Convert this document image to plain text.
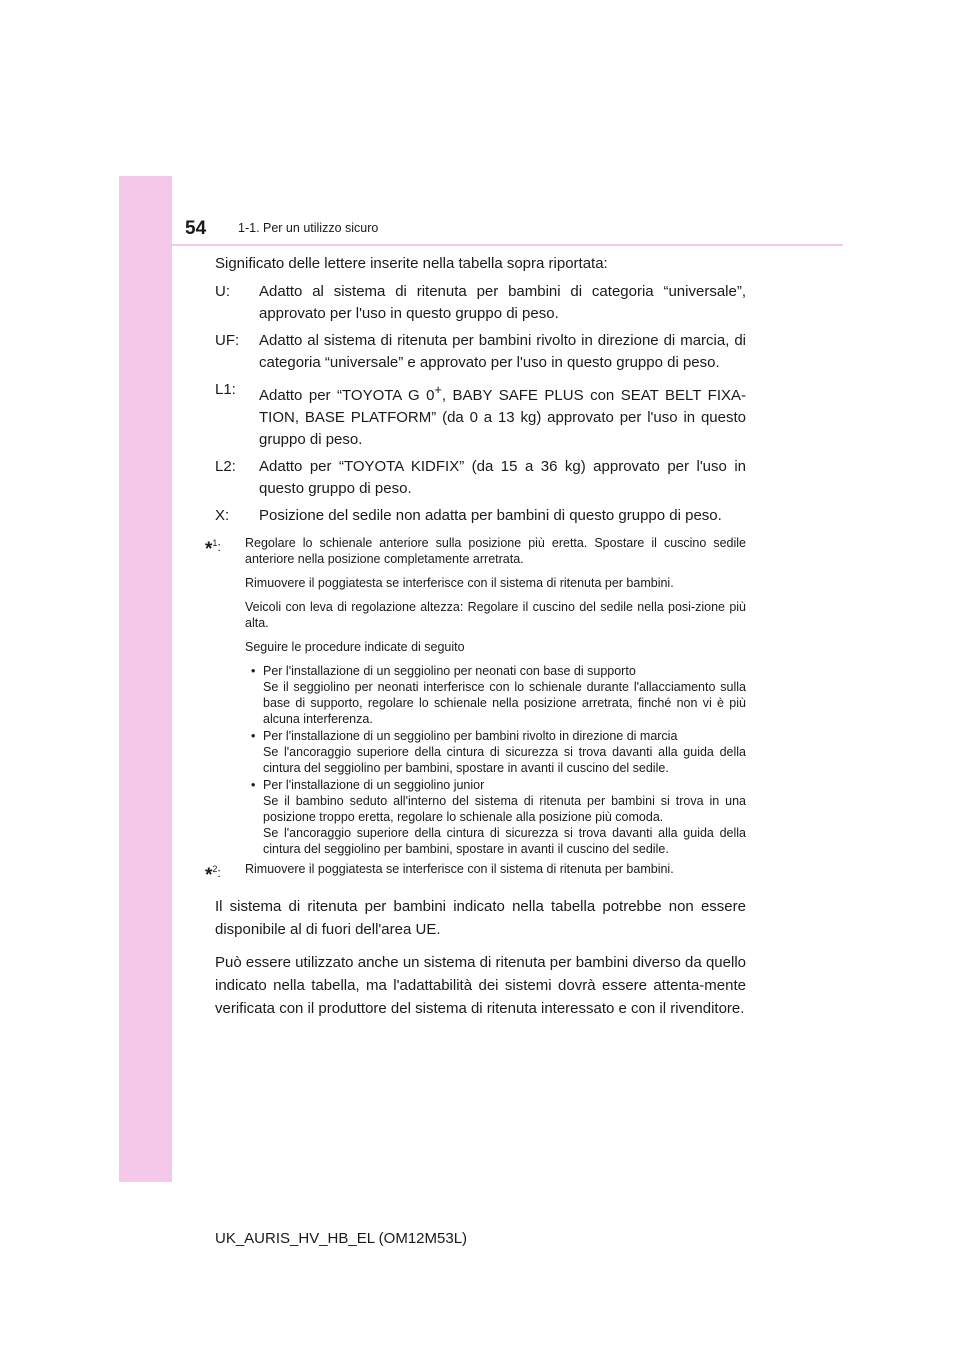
54	1-1. Per un utilizzo sicuro

Significato delle lettere inserite nella tabella sopra riportata:

U:	Adatto al sistema di ritenuta per bambini di categoria “universale”, approvato per l'uso in questo gruppo di peso.
UF:	Adatto al sistema di ritenuta per bambini rivolto in direzione di marcia, di categoria “universale” e approvato per l'uso in questo gruppo di peso.
L1:	Adatto per “TOYOTA G 0+, BABY SAFE PLUS con SEAT BELT FIXA-TION, BASE PLATFORM” (da 0 a 13 kg) approvato per l'uso in questo gruppo di peso.
L2:	Adatto per “TOYOTA KIDFIX” (da 15 a 36 kg) approvato per l'uso in questo gruppo di peso.
X:	Posizione del sedile non adatta per bambini di questo gruppo di peso.
*$^1$:	Regolare lo schienale anteriore sulla posizione più eretta. Spostare il cuscino sedile anteriore nella posizione completamente arretrata.

Rimuovere il poggiatesta se interferisce con il sistema di ritenuta per bambini.

Veicoli con leva di regolazione altezza: Regolare il cuscino del sedile nella posi-zione più alta.

Seguire le procedure indicate di seguito

• Per l'installazione di un seggiolino per neonati con base di supporto
Se il seggiolino per neonati interferisce con lo schienale durante l'allacciamento sulla base di supporto, regolare lo schienale nella posizione arretrata, finché non vi è più alcuna interferenza.
• Per l'installazione di un seggiolino per bambini rivolto in direzione di marcia
Se l'ancoraggio superiore della cintura di sicurezza si trova davanti alla guida della cintura del seggiolino per bambini, spostare in avanti il cuscino del sedile.
• Per l'installazione di un seggiolino junior
Se il bambino seduto all'interno del sistema di ritenuta per bambini si trova in una posizione troppo eretta, regolare lo schienale alla posizione più comoda.
Se l'ancoraggio superiore della cintura di sicurezza si trova davanti alla guida della cintura del seggiolino per bambini, spostare in avanti il cuscino del sedile.
*$^2$:	Rimuovere il poggiatesta se interferisce con il sistema di ritenuta per bambini.

Il sistema di ritenuta per bambini indicato nella tabella potrebbe non essere disponibile al di fuori dell'area UE.

Può essere utilizzato anche un sistema di ritenuta per bambini diverso da quello indicato nella tabella, ma l'adattabilità dei sistemi dovrà essere attenta-mente verificata con il produttore del sistema di ritenuta interessato e con il rivenditore.

UK_AURIS_HV_HB_EL (OM12M53L)
